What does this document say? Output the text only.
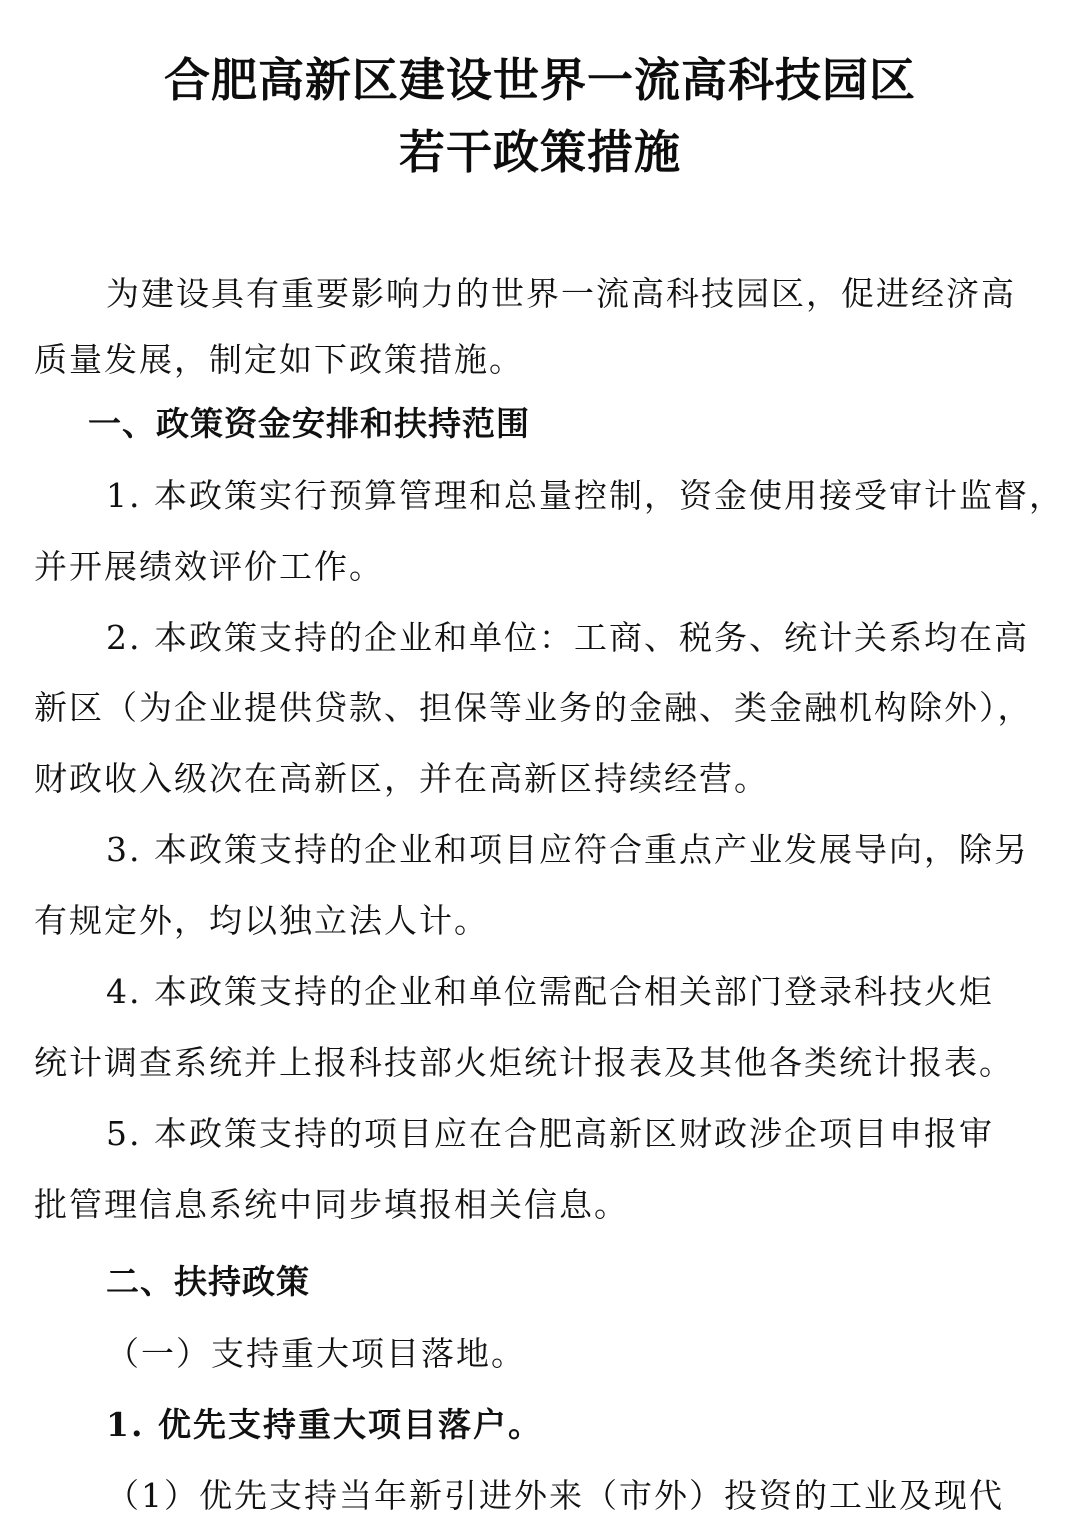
合肥高新区建设世界一流高科技园区
若干政策措施
为建设具有重要影响力的世界一流高科技园区，促进经济高
质量发展，制定如下政策措施。
一、政策资金安排和扶持范围
1. 本政策实行预算管理和总量控制，资金使用接受审计监督，
并开展绩效评价工作。
2. 本政策支持的企业和单位：工商、税务、统计关系均在高
新区（为企业提供贷款、担保等业务的金融、类金融机构除外），
财政收入级次在高新区，并在高新区持续经营。
3. 本政策支持的企业和项目应符合重点产业发展导向，除另
有规定外，均以独立法人计。
4. 本政策支持的企业和单位需配合相关部门登录科技火炬
统计调查系统并上报科技部火炬统计报表及其他各类统计报表。
5. 本政策支持的项目应在合肥高新区财政涉企项目申报审
批管理信息系统中同步填报相关信息。
二、扶持政策
（一）支持重大项目落地。
1. 优先支持重大项目落户。
（1）优先支持当年新引进外来（市外）投资的工业及现代
